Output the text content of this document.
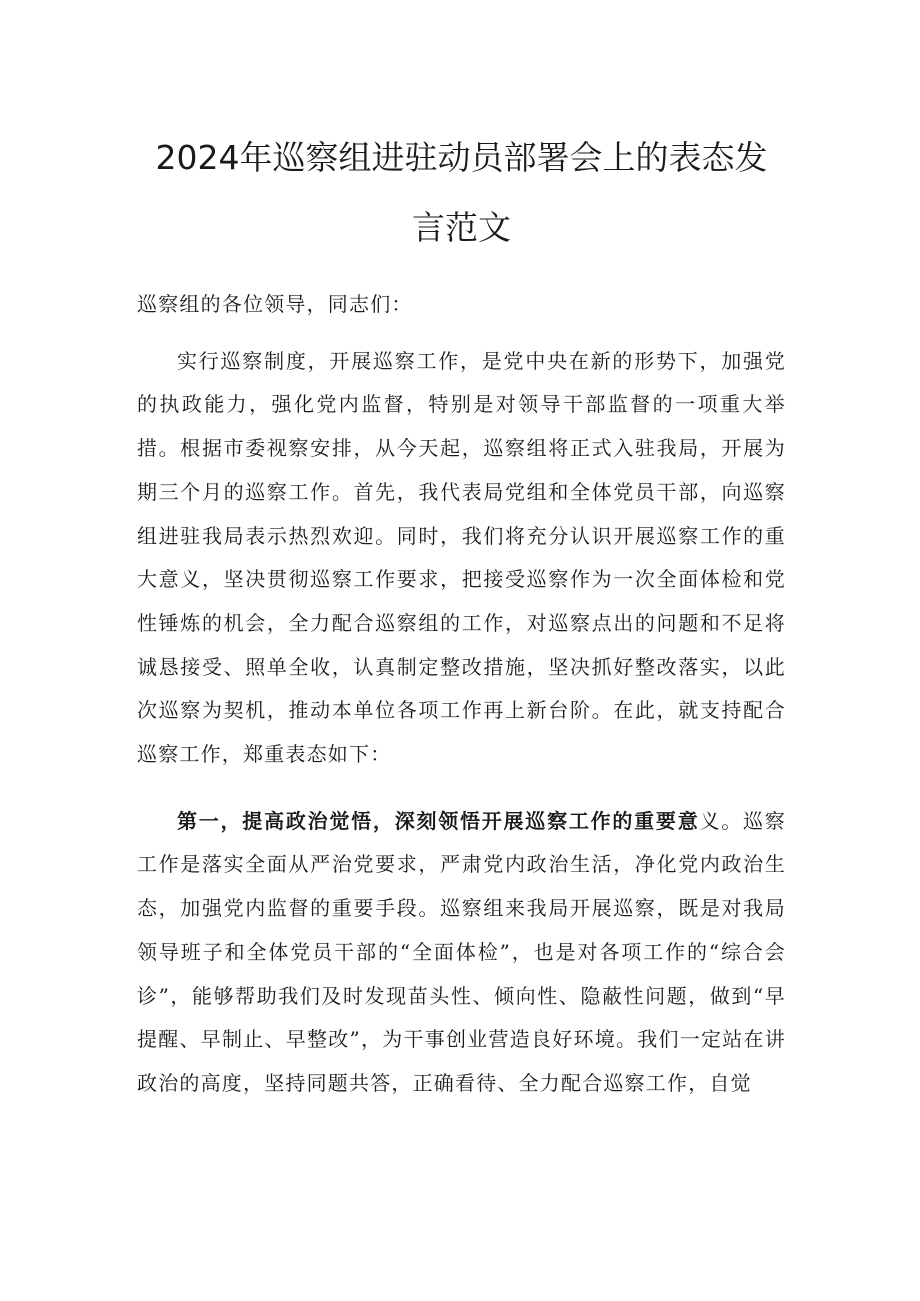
2024年巡察组进驻动员部署会上的表态发
言范文

巡察组的各位领导，同志们：

实行巡察制度，开展巡察工作，是党中央在新的形势下，加强党的执政能力，强化党内监督，特别是对领导干部监督的一项重大举措。根据市委视察安排，从今天起，巡察组将正式入驻我局，开展为期三个月的巡察工作。首先，我代表局党组和全体党员干部，向巡察组进驻我局表示热烈欢迎。同时，我们将充分认识开展巡察工作的重大意义，坚决贯彻巡察工作要求，把接受巡察作为一次全面体检和党性锤炼的机会，全力配合巡察组的工作，对巡察点出的问题和不足将诚恳接受、照单全收，认真制定整改措施，坚决抓好整改落实，以此次巡察为契机，推动本单位各项工作再上新台阶。在此，就支持配合巡察工作，郑重表态如下：

第一，提高政治觉悟，深刻领悟开展巡察工作的重要意义。巡察工作是落实全面从严治党要求，严肃党内政治生活，净化党内政治生态，加强党内监督的重要手段。巡察组来我局开展巡察，既是对我局领导班子和全体党员干部的“全面体检”，也是对各项工作的“综合会诊”，能够帮助我们及时发现苗头性、倾向性、隐蔽性问题，做到“早提醒、早制止、早整改”，为干事创业营造良好环境。我们一定站在讲政治的高度，坚持同题共答，正确看待、全力配合巡察工作，自觉
